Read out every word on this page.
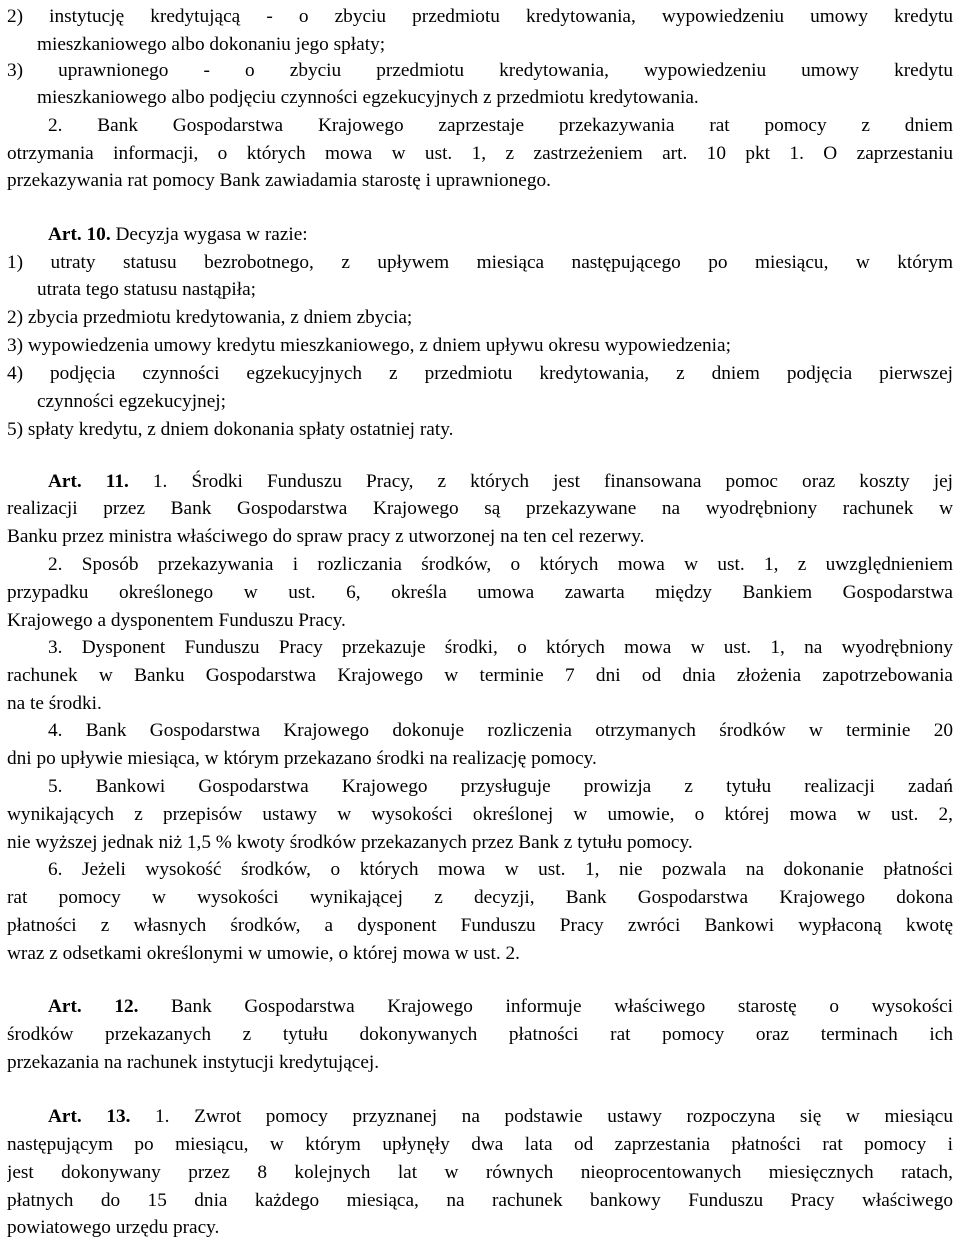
2) instytucję kredytującą - o zbyciu przedmiotu kredytowania, wypowiedzeniu umowy kredytu
mieszkaniowego albo dokonaniu jego spłaty;
3) uprawnionego - o zbyciu przedmiotu kredytowania, wypowiedzeniu umowy kredytu
mieszkaniowego albo podjęciu czynności egzekucyjnych z przedmiotu kredytowania.
2. Bank Gospodarstwa Krajowego zaprzestaje przekazywania rat pomocy z dniem
otrzymania informacji, o których mowa w ust. 1, z zastrzeżeniem art. 10 pkt 1. O zaprzestaniu
przekazywania rat pomocy Bank zawiadamia starostę i uprawnionego.
Art. 10. Decyzja wygasa w razie:
1) utraty statusu bezrobotnego, z upływem miesiąca następującego po miesiącu, w którym
utrata tego statusu nastąpiła;
2) zbycia przedmiotu kredytowania, z dniem zbycia;
3) wypowiedzenia umowy kredytu mieszkaniowego, z dniem upływu okresu wypowiedzenia;
4) podjęcia czynności egzekucyjnych z przedmiotu kredytowania, z dniem podjęcia pierwszej
czynności egzekucyjnej;
5) spłaty kredytu, z dniem dokonania spłaty ostatniej raty.
Art. 11. 1. Środki Funduszu Pracy, z których jest finansowana pomoc oraz koszty jej
realizacji przez Bank Gospodarstwa Krajowego są przekazywane na wyodrębniony rachunek w
Banku przez ministra właściwego do spraw pracy z utworzonej na ten cel rezerwy.
2. Sposób przekazywania i rozliczania środków, o których mowa w ust. 1, z uwzględnieniem
przypadku określonego w ust. 6, określa umowa zawarta między Bankiem Gospodarstwa
Krajowego a dysponentem Funduszu Pracy.
3. Dysponent Funduszu Pracy przekazuje środki, o których mowa w ust. 1, na wyodrębniony
rachunek w Banku Gospodarstwa Krajowego w terminie 7 dni od dnia złożenia zapotrzebowania
na te środki.
4. Bank Gospodarstwa Krajowego dokonuje rozliczenia otrzymanych środków w terminie 20
dni po upływie miesiąca, w którym przekazano środki na realizację pomocy.
5. Bankowi Gospodarstwa Krajowego przysługuje prowizja z tytułu realizacji zadań
wynikających z przepisów ustawy w wysokości określonej w umowie, o której mowa w ust. 2,
nie wyższej jednak niż 1,5 % kwoty środków przekazanych przez Bank z tytułu pomocy.
6. Jeżeli wysokość środków, o których mowa w ust. 1, nie pozwala na dokonanie płatności
rat pomocy w wysokości wynikającej z decyzji, Bank Gospodarstwa Krajowego dokona
płatności z własnych środków, a dysponent Funduszu Pracy zwróci Bankowi wypłaconą kwotę
wraz z odsetkami określonymi w umowie, o której mowa w ust. 2.
Art. 12. Bank Gospodarstwa Krajowego informuje właściwego starostę o wysokości
środków przekazanych z tytułu dokonywanych płatności rat pomocy oraz terminach ich
przekazania na rachunek instytucji kredytującej.
Art. 13. 1. Zwrot pomocy przyznanej na podstawie ustawy rozpoczyna się w miesiącu
następującym po miesiącu, w którym upłynęły dwa lata od zaprzestania płatności rat pomocy i
jest dokonywany przez 8 kolejnych lat w równych nieoprocentowanych miesięcznych ratach,
płatnych do 15 dnia każdego miesiąca, na rachunek bankowy Funduszu Pracy właściwego
powiatowego urzędu pracy.
